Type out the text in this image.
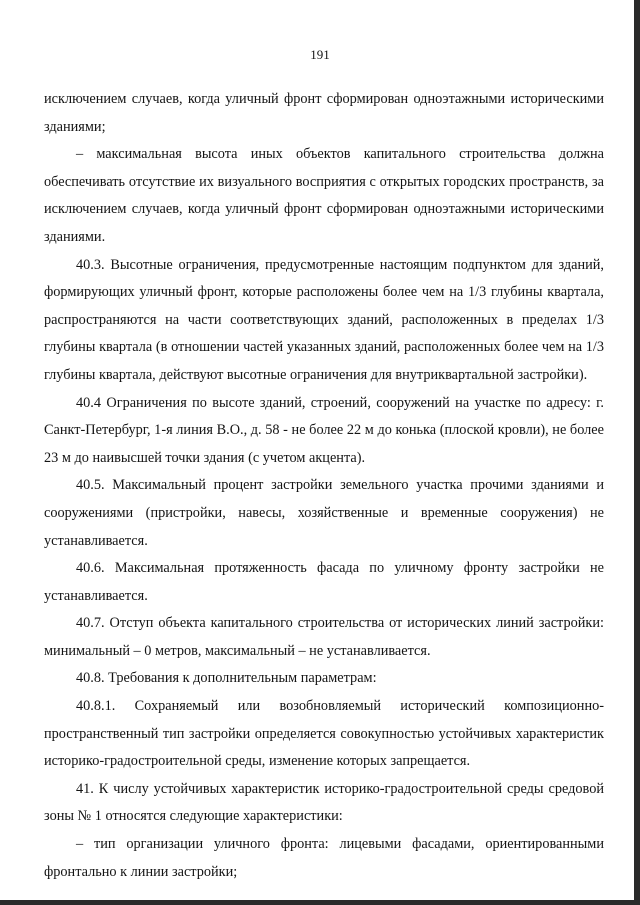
191

исключением случаев, когда уличный фронт сформирован одноэтажными историческими зданиями;

– максимальная высота иных объектов капитального строительства должна обеспечивать отсутствие их визуального восприятия с открытых городских пространств, за исключением случаев, когда уличный фронт сформирован одноэтажными историческими зданиями.

40.3. Высотные ограничения, предусмотренные настоящим подпунктом для зданий, формирующих уличный фронт, которые расположены более чем на 1/3 глубины квартала, распространяются на части соответствующих зданий, расположенных в пределах 1/3 глубины квартала (в отношении частей указанных зданий, расположенных более чем на 1/3 глубины квартала, действуют высотные ограничения для внутриквартальной застройки).

40.4 Ограничения по высоте зданий, строений, сооружений на участке по адресу: г. Санкт-Петербург, 1-я линия В.О., д. 58 - не более 22 м до конька (плоской кровли), не более 23 м до наивысшей точки здания (с учетом акцента).

40.5. Максимальный процент застройки земельного участка прочими зданиями и сооружениями (пристройки, навесы, хозяйственные и временные сооружения) не устанавливается.

40.6. Максимальная протяженность фасада по уличному фронту застройки не устанавливается.

40.7. Отступ объекта капитального строительства от исторических линий застройки: минимальный – 0 метров, максимальный – не устанавливается.

40.8. Требования к дополнительным параметрам:

40.8.1. Сохраняемый или возобновляемый исторический композиционно-пространственный тип застройки определяется совокупностью устойчивых характеристик историко-градостроительной среды, изменение которых запрещается.

41. К числу устойчивых характеристик историко-градостроительной среды средовой зоны № 1 относятся следующие характеристики:

– тип организации уличного фронта: лицевыми фасадами, ориентированными фронтально к линии застройки;
